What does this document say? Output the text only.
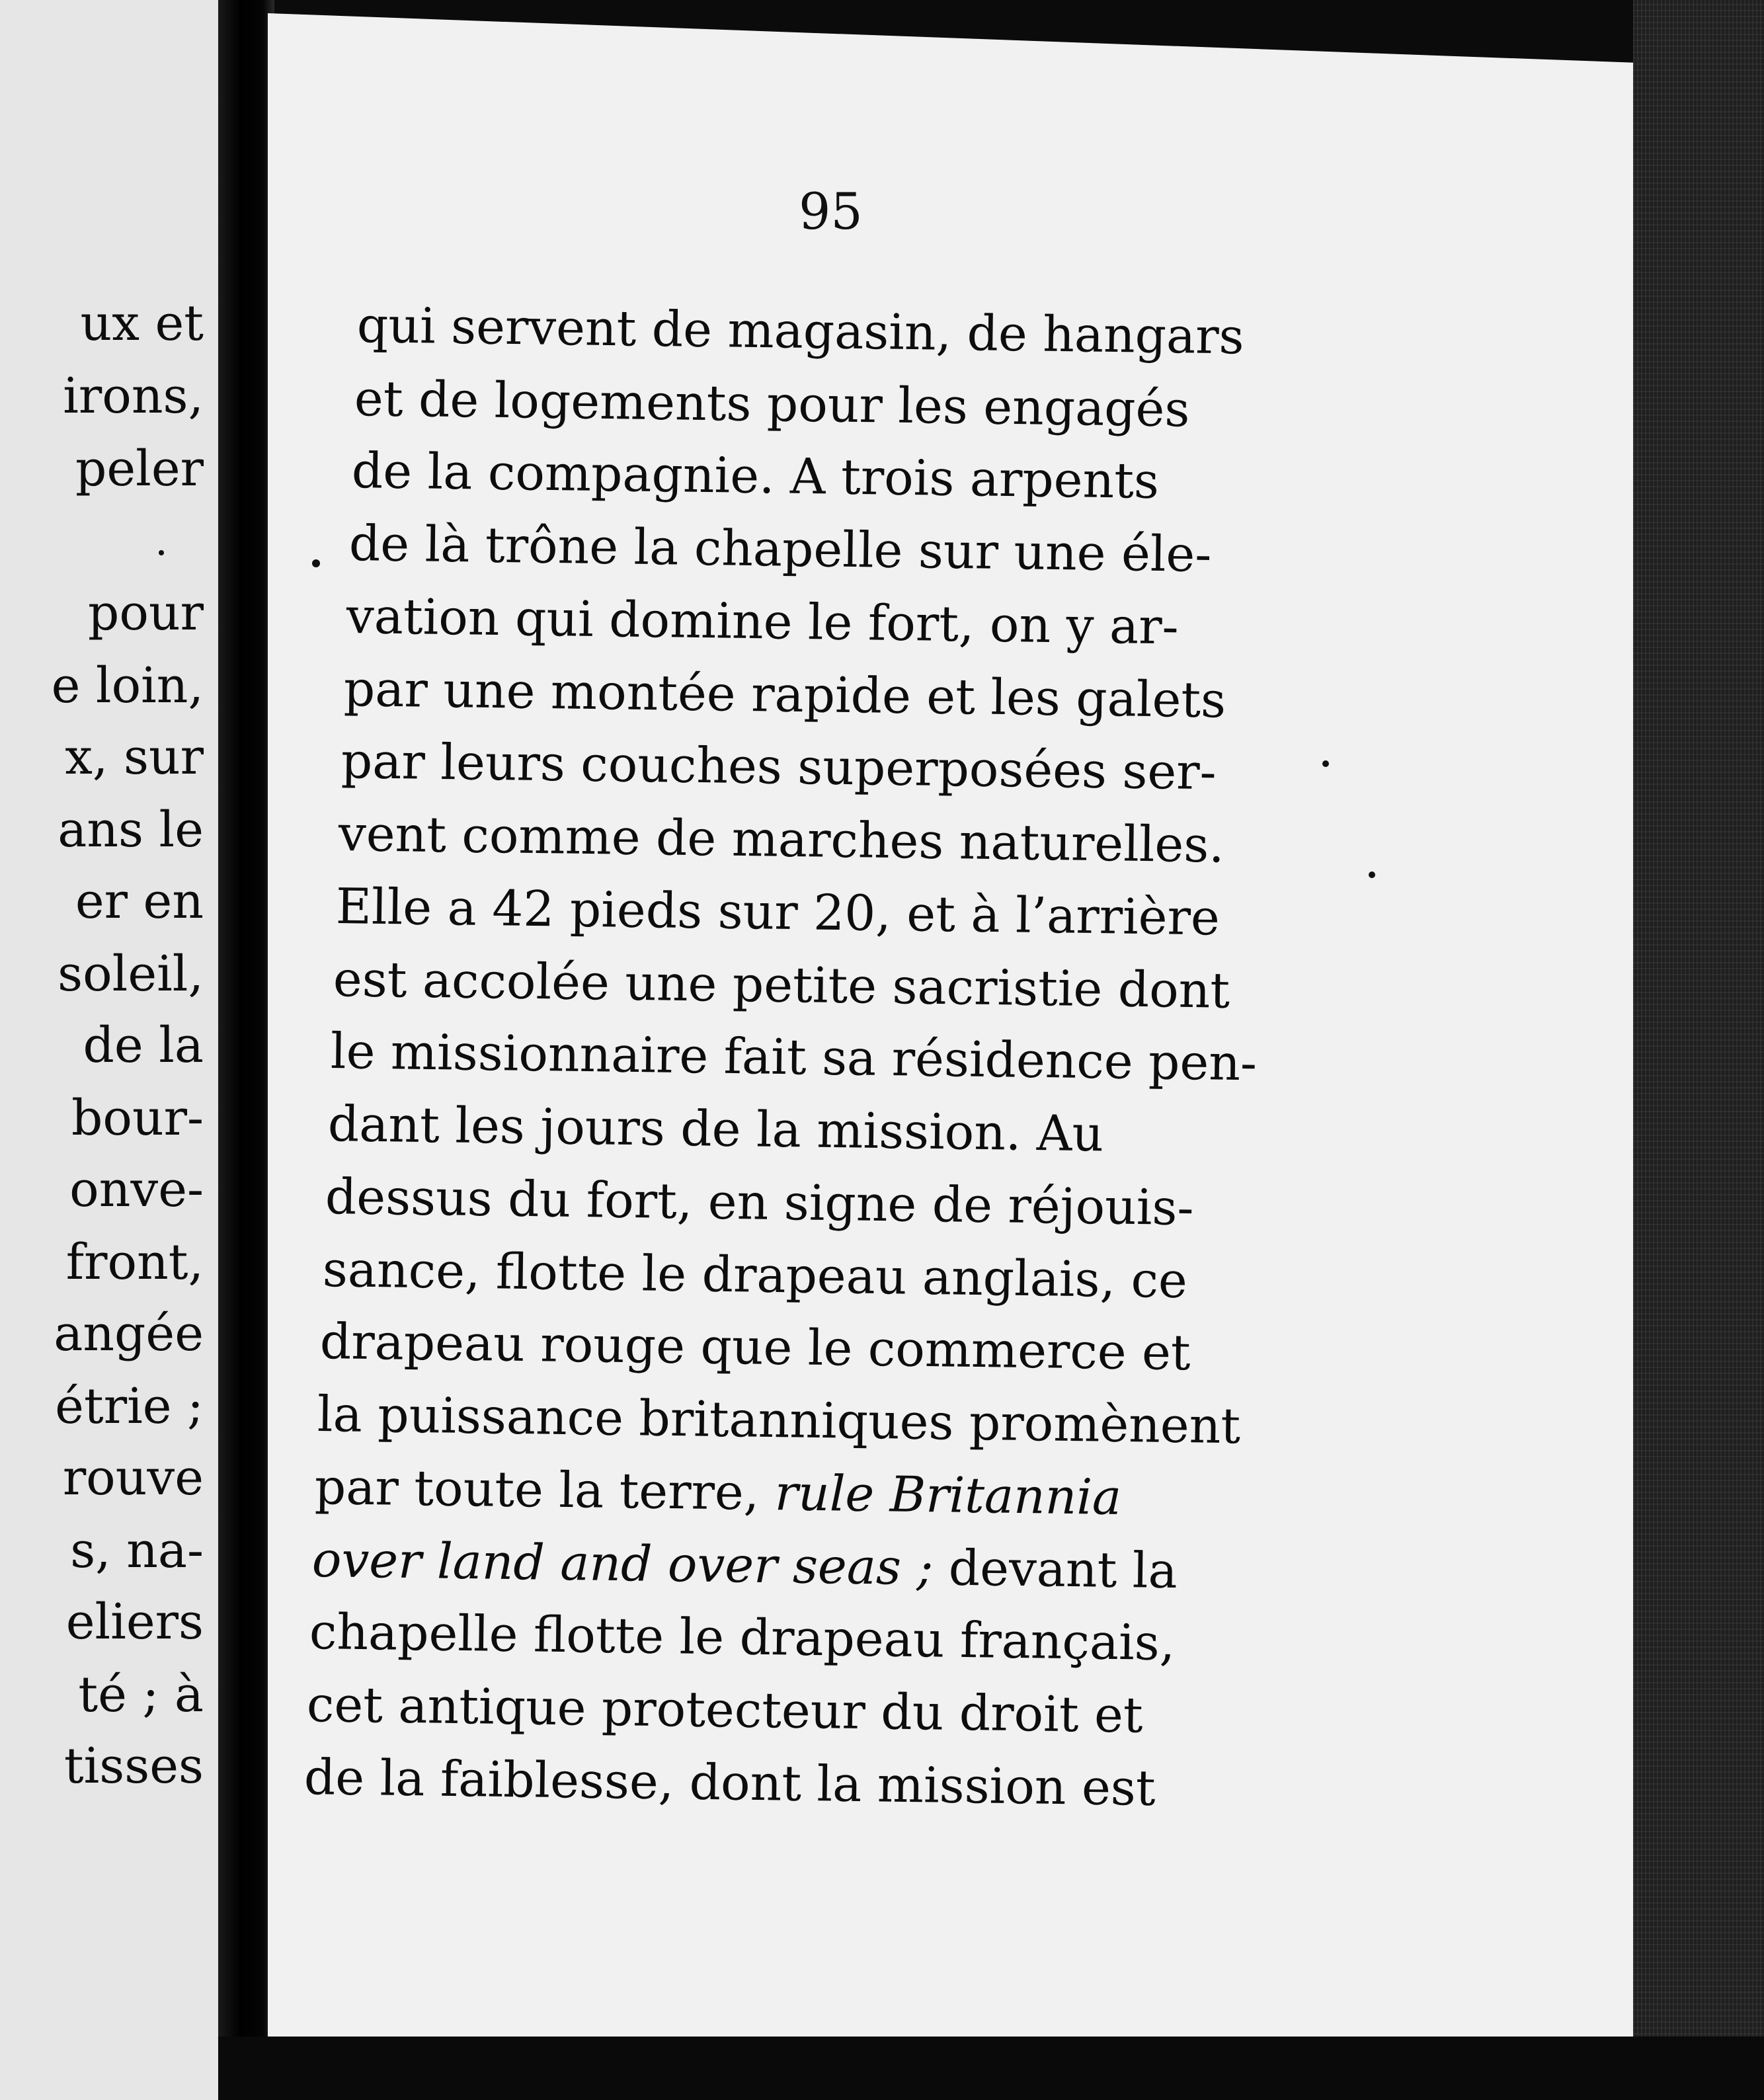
ux et
irons,
peler
pour
e loin,
x, sur
ans le
er en
soleil,
de la
bour-
onve-
front,
angée
étrie ;
rouve
s, na-
eliers
té ; à
tisses
95
qui servent de magasin, de hangars
et de logements pour les engagés
de la compagnie. A trois arpents
de là trône la chapelle sur une éle-
vation qui domine le fort, on y ar-
par une montée rapide et les galets
par leurs couches superposées ser-
vent comme de marches naturelles.
Elle a 42 pieds sur 20, et à l’arrière
est accolée une petite sacristie dont
le missionnaire fait sa résidence pen-
dant les jours de la mission. Au
dessus du fort, en signe de réjouis-
sance, flotte le drapeau anglais, ce
drapeau rouge que le commerce et
la puissance britanniques promènent
par toute la terre, rule Britannia
over land and over seas ; devant la
chapelle flotte le drapeau français,
cet antique protecteur du droit et
de la faiblesse, dont la mission est
